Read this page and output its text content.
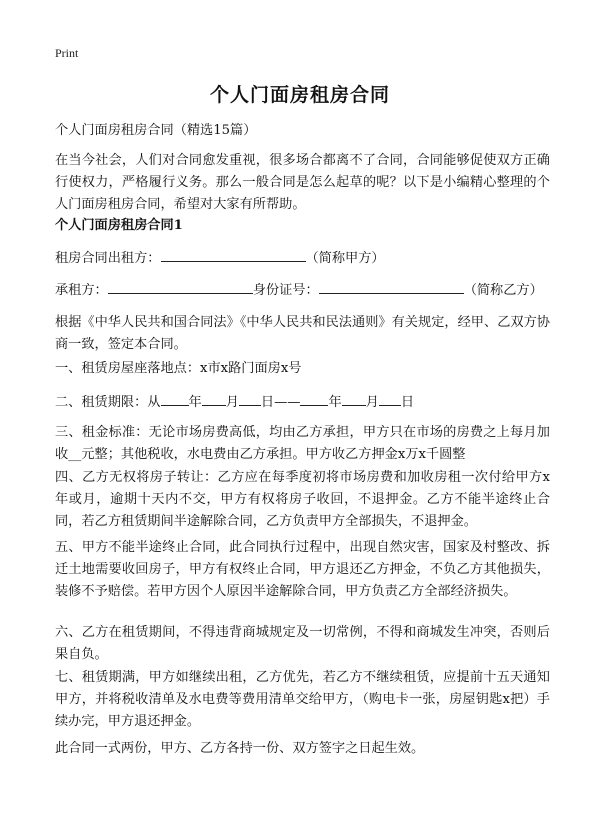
Print
个人门面房租房合同

个人门面房租房合同（精选15篇）

在当今社会，人们对合同愈发重视，很多场合都离不了合同，合同能够促使双方正确行使权力，严格履行义务。那么一般合同是怎么起草的呢？以下是小编精心整理的个人门面房租房合同，希望对大家有所帮助。

个人门面房租房合同1

租房合同出租方：	（简称甲方）

承租方：	身份证号：	（简称乙方）

根据《中华人民共和国合同法》《中华人民共和民法通则》有关规定，经甲、乙双方协商一致，签定本合同。

一、租赁房屋座落地点：x市x路门面房x号

二、租赁期限：从 年 月 日—— 年 月 日

三、租金标准：无论市场房费高低，均由乙方承担，甲方只在市场的房费之上每月加收__元整；其他税收，水电费由乙方承担。甲方收乙方押金x万x千圆整

四、乙方无权将房子转让：乙方应在每季度初将市场房费和加收房租一次付给甲方x年或月，逾期十天内不交，甲方有权将房子收回，不退押金。乙方不能半途终止合同，若乙方租赁期间半途解除合同，乙方负责甲方全部损失，不退押金。

五、甲方不能半途终止合同，此合同执行过程中，出现自然灾害，国家及村整改、拆迁土地需要收回房子，甲方有权终止合同，甲方退还乙方押金，不负乙方其他损失，装修不予赔偿。若甲方因个人原因半途解除合同，甲方负责乙方全部经济损失。

六、乙方在租赁期间，不得违背商城规定及一切常例，不得和商城发生冲突，否则后果自负。

七、租赁期满，甲方如继续出租，乙方优先，若乙方不继续租赁，应提前十五天通知甲方，并将税收清单及水电费等费用清单交给甲方，（购电卡一张，房屋钥匙x把）手续办完，甲方退还押金。

此合同一式两份，甲方、乙方各持一份、双方签字之日起生效。
